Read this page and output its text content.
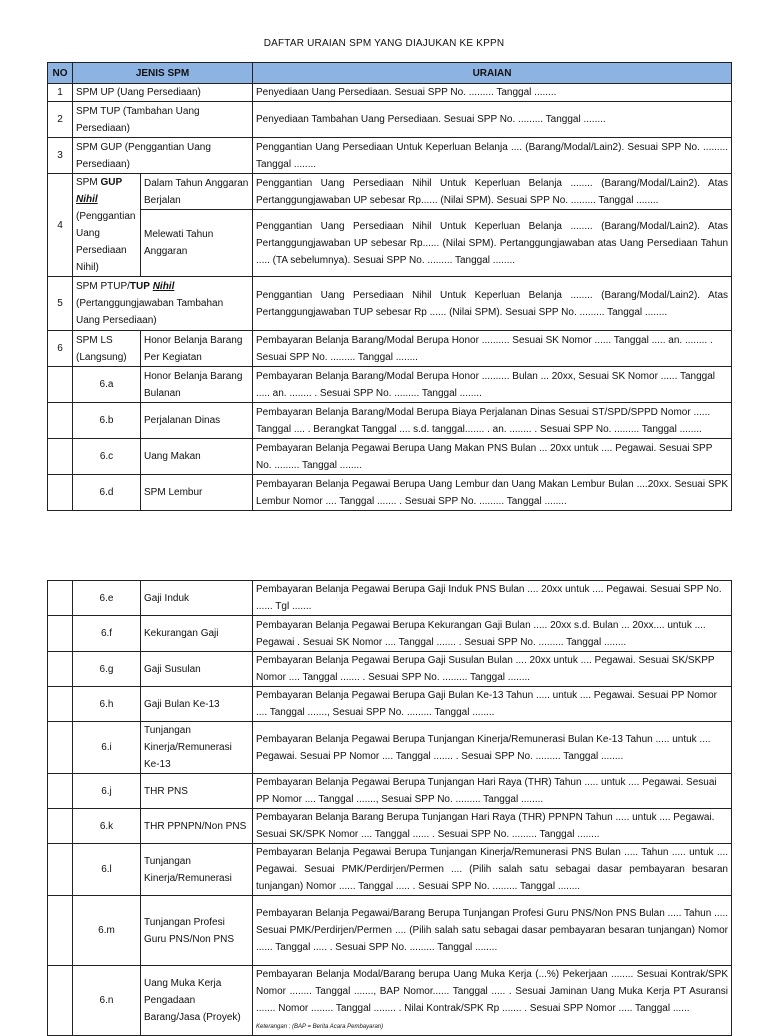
DAFTAR URAIAN SPM YANG DIAJUKAN KE KPPN
NO	JENIS SPM		URAIAN
1	SPM UP (Uang Persediaan)		Penyediaan Uang Persediaan. Sesuai SPP No. ......... Tanggal ........
2	SPM TUP (Tambahan Uang Persediaan)		Penyediaan Tambahan Uang Persediaan. Sesuai SPP No. ......... Tanggal ........
3	SPM GUP (Penggantian Uang Persediaan)		Penggantian Uang Persediaan Untuk Keperluan Belanja .... (Barang/Modal/Lain2). Sesuai SPP No. ......... Tanggal ........
4	SPM GUP
Nihil
(Penggantian Uang Persediaan Nihil)	Dalam Tahun Anggaran Berjalan	Penggantian Uang Persediaan Nihil Untuk Keperluan Belanja ........ (Barang/Modal/Lain2). Atas Pertanggungjawaban UP sebesar Rp...... (Nilai SPM). Sesuai SPP No. ......... Tanggal ........
		Melewati Tahun Anggaran	Penggantian Uang Persediaan Nihil Untuk Keperluan Belanja ........ (Barang/Modal/Lain2). Atas Pertanggungjawaban UP sebesar Rp...... (Nilai SPM). Pertanggungjawaban atas Uang Persediaan Tahun ..... (TA sebelumnya). Sesuai SPP No. ......... Tanggal ........
5	SPM PTUP/TUP Nihil
(Pertanggungjawaban Tambahan Uang Persediaan)		Penggantian Uang Persediaan Nihil Untuk Keperluan Belanja ........ (Barang/Modal/Lain2). Atas Pertanggungjawaban TUP sebesar Rp ...... (Nilai SPM). Sesuai SPP No. ......... Tanggal ........
6	SPM LS (Langsung)	Honor Belanja Barang Per Kegiatan	Pembayaran Belanja Barang/Modal Berupa Honor .......... Sesuai SK Nomor ...... Tanggal ..... an. ........ . Sesuai SPP No. ......... Tanggal ........
	6.a	Honor Belanja Barang Bulanan	Pembayaran Belanja Barang/Modal Berupa Honor .......... Bulan ... 20xx, Sesuai SK Nomor ...... Tanggal ..... an. ........ . Sesuai SPP No. ......... Tanggal ........
	6.b	Perjalanan Dinas	Pembayaran Belanja Barang/Modal Berupa Biaya Perjalanan Dinas Sesuai ST/SPD/SPPD Nomor ...... Tanggal .... . Berangkat Tanggal .... s.d. tanggal....... . an. ........ . Sesuai SPP No. ......... Tanggal ........
	6.c	Uang Makan	Pembayaran Belanja Pegawai Berupa Uang Makan PNS Bulan ... 20xx untuk .... Pegawai. Sesuai SPP No. ......... Tanggal ........
	6.d	SPM Lembur	Pembayaran Belanja Pegawai Berupa Uang Lembur dan Uang Makan Lembur Bulan ....20xx. Sesuai SPK Lembur Nomor .... Tanggal ....... . Sesuai SPP No. ......... Tanggal ........
	6.e	Gaji Induk	Pembayaran Belanja Pegawai Berupa Gaji Induk PNS Bulan .... 20xx untuk .... Pegawai. Sesuai SPP No. ...... Tgl .......
	6.f	Kekurangan Gaji	Pembayaran Belanja Pegawai Berupa Kekurangan Gaji Bulan ..... 20xx s.d. Bulan ... 20xx.... untuk .... Pegawai . Sesuai SK Nomor .... Tanggal ....... . Sesuai SPP No. ......... Tanggal ........
	6.g	Gaji Susulan	Pembayaran Belanja Pegawai Berupa Gaji Susulan Bulan .... 20xx untuk .... Pegawai. Sesuai SK/SKPP Nomor .... Tanggal ....... . Sesuai SPP No. ......... Tanggal ........
	6.h	Gaji Bulan Ke-13	Pembayaran Belanja Pegawai Berupa Gaji Bulan Ke-13 Tahun ..... untuk .... Pegawai. Sesuai PP Nomor .... Tanggal ......., Sesuai SPP No. ......... Tanggal ........
	6.i	Tunjangan Kinerja/Remunerasi Ke-13	Pembayaran Belanja Pegawai Berupa Tunjangan Kinerja/Remunerasi Bulan Ke-13 Tahun ..... untuk .... Pegawai. Sesuai PP Nomor .... Tanggal ....... . Sesuai SPP No. ......... Tanggal ........
	6.j	THR PNS	Pembayaran Belanja Pegawai Berupa Tunjangan Hari Raya (THR) Tahun ..... untuk .... Pegawai. Sesuai PP Nomor .... Tanggal ......., Sesuai SPP No. ......... Tanggal ........
	6.k	THR PPNPN/Non PNS	Pembayaran Belanja Barang Berupa Tunjangan Hari Raya (THR) PPNPN Tahun ..... untuk .... Pegawai. Sesuai SK/SPK Nomor .... Tanggal ...... . Sesuai SPP No. ......... Tanggal ........
	6.l	Tunjangan Kinerja/Remunerasi	Pembayaran Belanja Pegawai Berupa Tunjangan Kinerja/Remunerasi PNS Bulan ..... Tahun ..... untuk .... Pegawai. Sesuai PMK/Perdirjen/Permen .... (Pilih salah satu sebagai dasar pembayaran besaran tunjangan) Nomor ...... Tanggal ..... . Sesuai SPP No. ......... Tanggal ........
	6.m	Tunjangan Profesi Guru PNS/Non PNS	Pembayaran Belanja Pegawai/Barang Berupa Tunjangan Profesi Guru PNS/Non PNS Bulan ..... Tahun ..... Sesuai PMK/Perdirjen/Permen .... (Pilih salah satu sebagai dasar pembayaran besaran tunjangan) Nomor ...... Tanggal ..... . Sesuai SPP No. ......... Tanggal ........
	6.n	Uang Muka Kerja Pengadaan Barang/Jasa (Proyek)	Pembayaran Belanja Modal/Barang berupa Uang Muka Kerja (...%) Pekerjaan ........ Sesuai Kontrak/SPK Nomor ........ Tanggal ......., BAP Nomor...... Tanggal ..... . Sesuai Jaminan Uang Muka Kerja PT Asuransi ....... Nomor ........ Tanggal ........ . Nilai Kontrak/SPK Rp ....... . Sesuai SPP Nomor ..... Tanggal ......
Keterangan : (BAP = Berita Acara Pembayaran)
